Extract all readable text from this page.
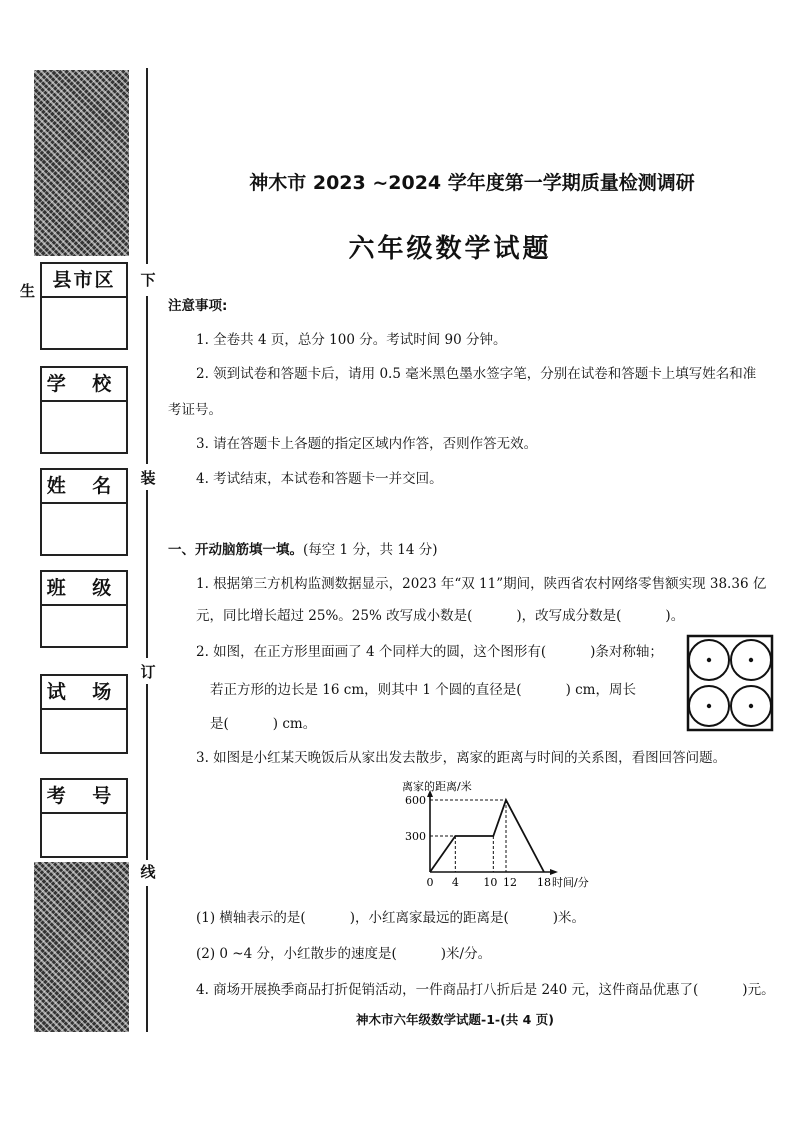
生
下
装
订
线
县市区
学 校
姓 名
班 级
试 场
考 号
神木市 2023 ~2024 学年度第一学期质量检测调研
六年级数学试题
注意事项:
1. 全卷共 4 页，总分 100 分。考试时间 90 分钟。
2. 领到试卷和答题卡后，请用 0.5 毫米黑色墨水签字笔，分别在试卷和答题卡上填写姓名和准
考证号。
3. 请在答题卡上各题的指定区域内作答，否则作答无效。
4. 考试结束，本试卷和答题卡一并交回。
一、开动脑筋填一填。(每空 1 分，共 14 分)
1. 根据第三方机构监测数据显示，2023 年“双 11”期间，陕西省农村网络零售额实现 38.36 亿
元，同比增长超过 25%。25% 改写成小数是(	)，改写成分数是(	)。
2. 如图，在正方形里面画了 4 个同样大的圆，这个图形有(	)条对称轴；
若正方形的边长是 16 cm，则其中 1 个圆的直径是(	) cm，周长
是(	) cm。
3. 如图是小红某天晚饭后从家出发去散步，离家的距离与时间的关系图，看图回答问题。
离家的距离/米
300
600
0 4 10 12 18 时间/分
(1) 横轴表示的是(	)，小红离家最远的距离是(	)米。
(2) 0 ~4 分，小红散步的速度是(	)米/分。
4. 商场开展换季商品打折促销活动，一件商品打八折后是 240 元，这件商品优惠了(	)元。
神木市六年级数学试题-1-(共 4 页)
